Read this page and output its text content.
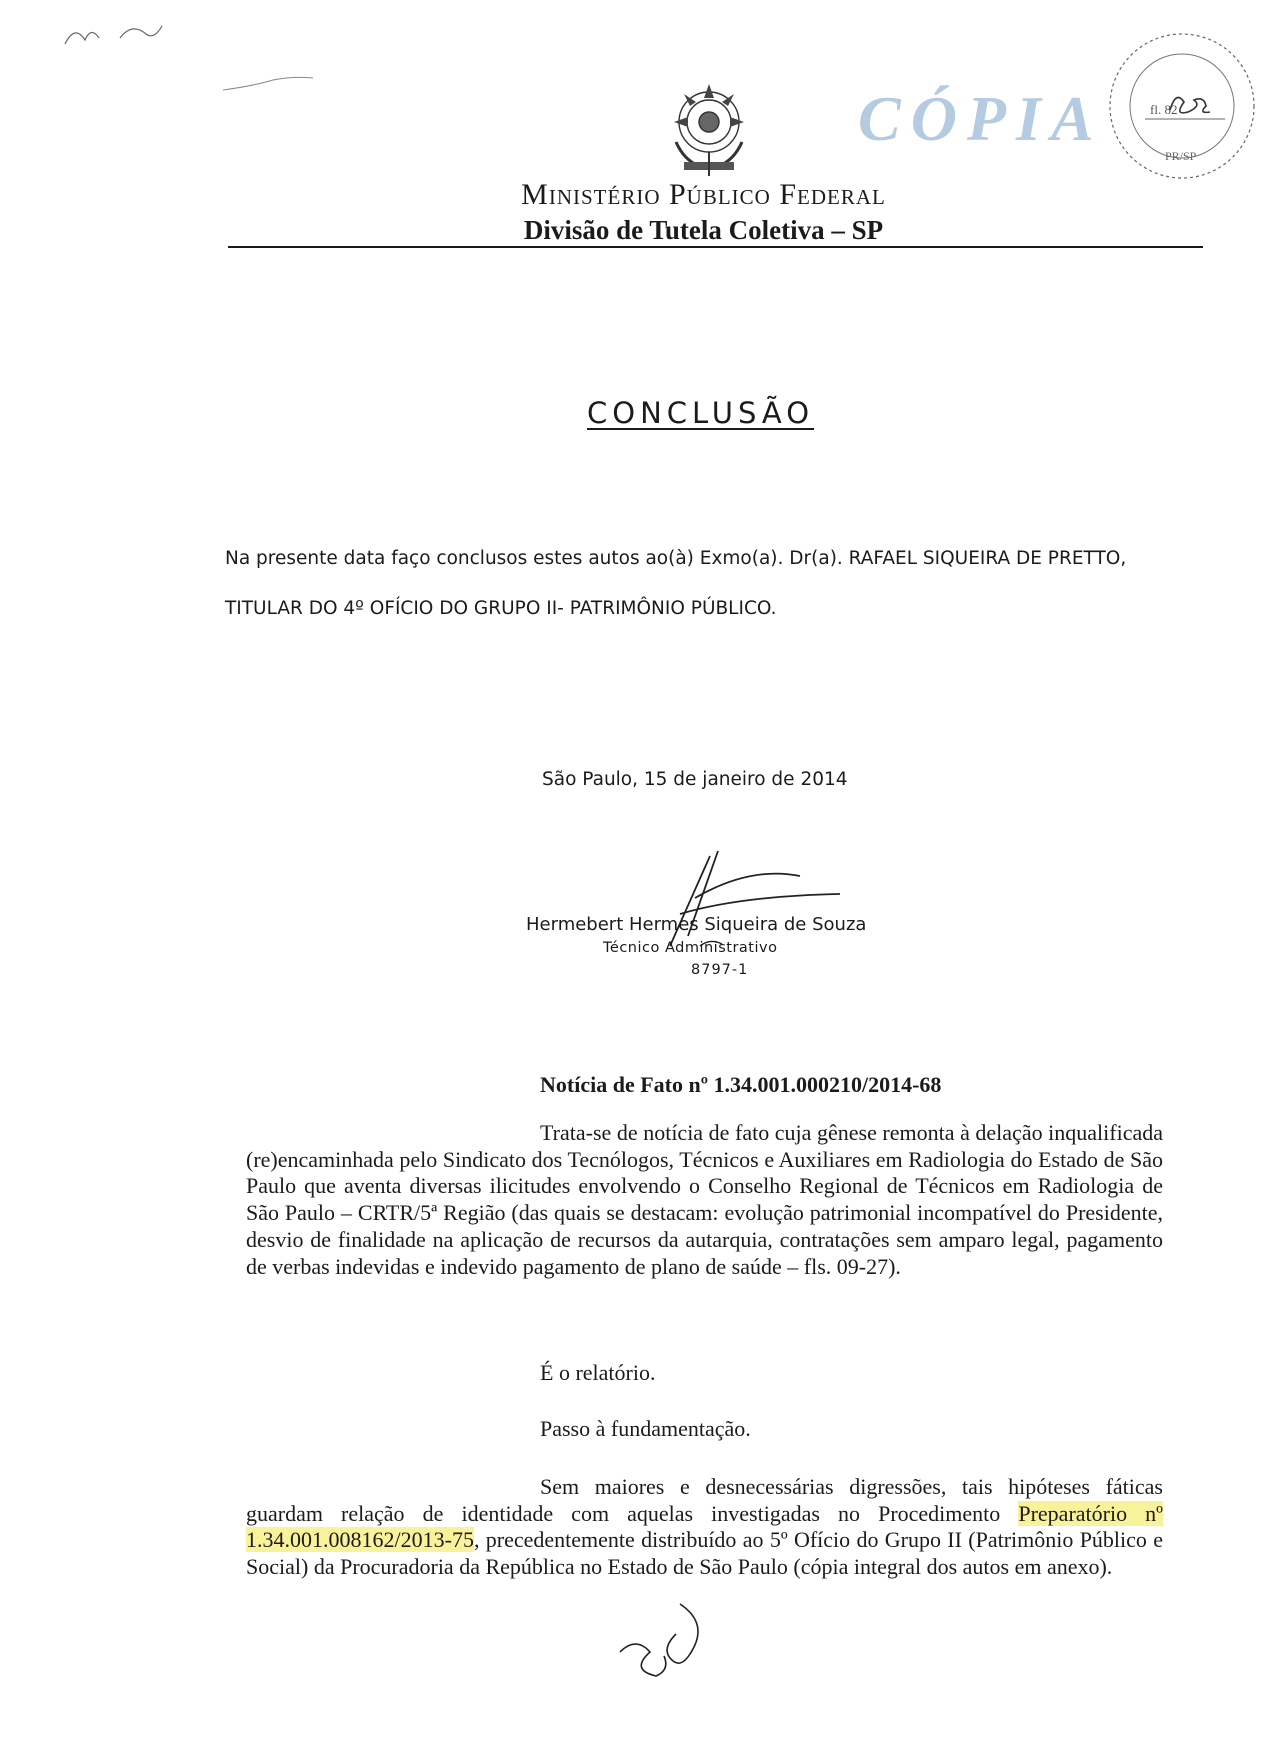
CÓPIA	fl. 82
PR/SP
Ministério Público Federal
Divisão de Tutela Coletiva – SP
CONCLUSÃO
Na presente data faço conclusos estes autos ao(à) Exmo(a). Dr(a). RAFAEL SIQUEIRA DE PRETTO,
TITULAR DO 4º OFÍCIO DO GRUPO II- PATRIMÔNIO PÚBLICO.
São Paulo, 15 de janeiro de 2014
Hermebert Hermes Siqueira de Souza
Técnico Administrativo
8797-1
Notícia de Fato nº 1.34.001.000210/2014-68

Trata-se de notícia de fato cuja gênese remonta à delação inqualificada (re)encaminhada pelo Sindicato dos Tecnólogos, Técnicos e Auxiliares em Radiologia do Estado de São Paulo que aventa diversas ilicitudes envolvendo o Conselho Regional de Técnicos em Radiologia de São Paulo – CRTR/5ª Região (das quais se destacam: evolução patrimonial incompatível do Presidente, desvio de finalidade na aplicação de recursos da autarquia, contratações sem amparo legal, pagamento de verbas indevidas e indevido pagamento de plano de saúde – fls. 09-27).

É o relatório.
Passo à fundamentação.

Sem maiores e desnecessárias digressões, tais hipóteses fáticas guardam relação de identidade com aquelas investigadas no Procedimento Preparatório nº 1.34.001.008162/2013-75, precedentemente distribuído ao 5º Ofício do Grupo II (Patrimônio Público e Social) da Procuradoria da República no Estado de São Paulo (cópia integral dos autos em anexo).
